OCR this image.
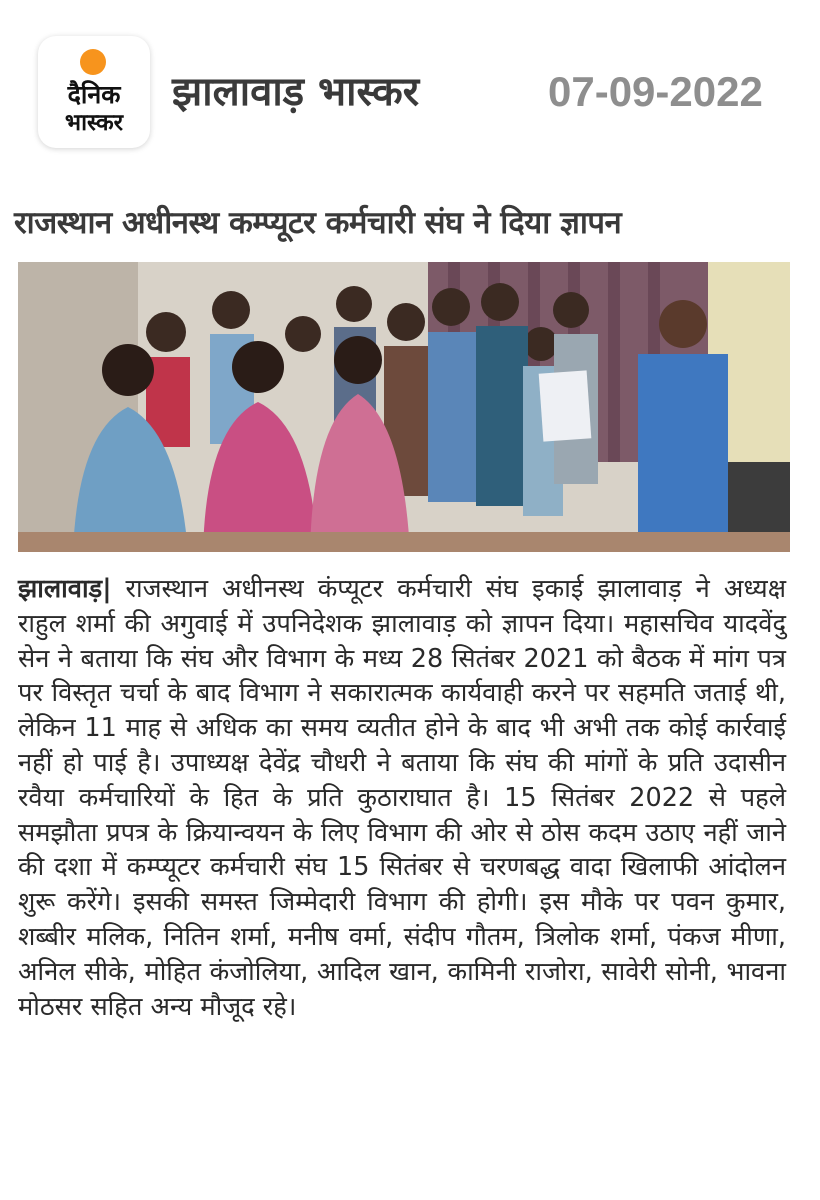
दैनिक
भास्कर
झालावाड़ भास्कर	07-09-2022
राजस्थान अधीनस्थ कम्प्यूटर कर्मचारी संघ ने दिया ज्ञापन
झालावाड़| राजस्थान अधीनस्थ कंप्यूटर कर्मचारी संघ इकाई झालावाड़ ने अध्यक्ष राहुल शर्मा की अगुवाई में उपनिदेशक झालावाड़ को ज्ञापन दिया। महासचिव यादवेंदु सेन ने बताया कि संघ और विभाग के मध्य 28 सितंबर 2021 को बैठक में मांग पत्र पर विस्तृत चर्चा के बाद विभाग ने सकारात्मक कार्यवाही करने पर सहमति जताई थी, लेकिन 11 माह से अधिक का समय व्यतीत होने के बाद भी अभी तक कोई कार्रवाई नहीं हो पाई है। उपाध्यक्ष देवेंद्र चौधरी ने बताया कि संघ की मांगों के प्रति उदासीन रवैया कर्मचारियों के हित के प्रति कुठाराघात है। 15 सितंबर 2022 से पहले समझौता प्रपत्र के क्रियान्वयन के लिए विभाग की ओर से ठोस कदम उठाए नहीं जाने की दशा में कम्प्यूटर कर्मचारी संघ 15 सितंबर से चरणबद्ध वादा खिलाफी आंदोलन शुरू करेंगे। इसकी समस्त जिम्मेदारी विभाग की होगी। इस मौके पर पवन कुमार, शब्बीर मलिक, नितिन शर्मा, मनीष वर्मा, संदीप गौतम, त्रिलोक शर्मा, पंकज मीणा, अनिल सीके, मोहित कंजोलिया, आदिल खान, कामिनी राजोरा, सावेरी सोनी, भावना मोठसर सहित अन्य मौजूद रहे।
